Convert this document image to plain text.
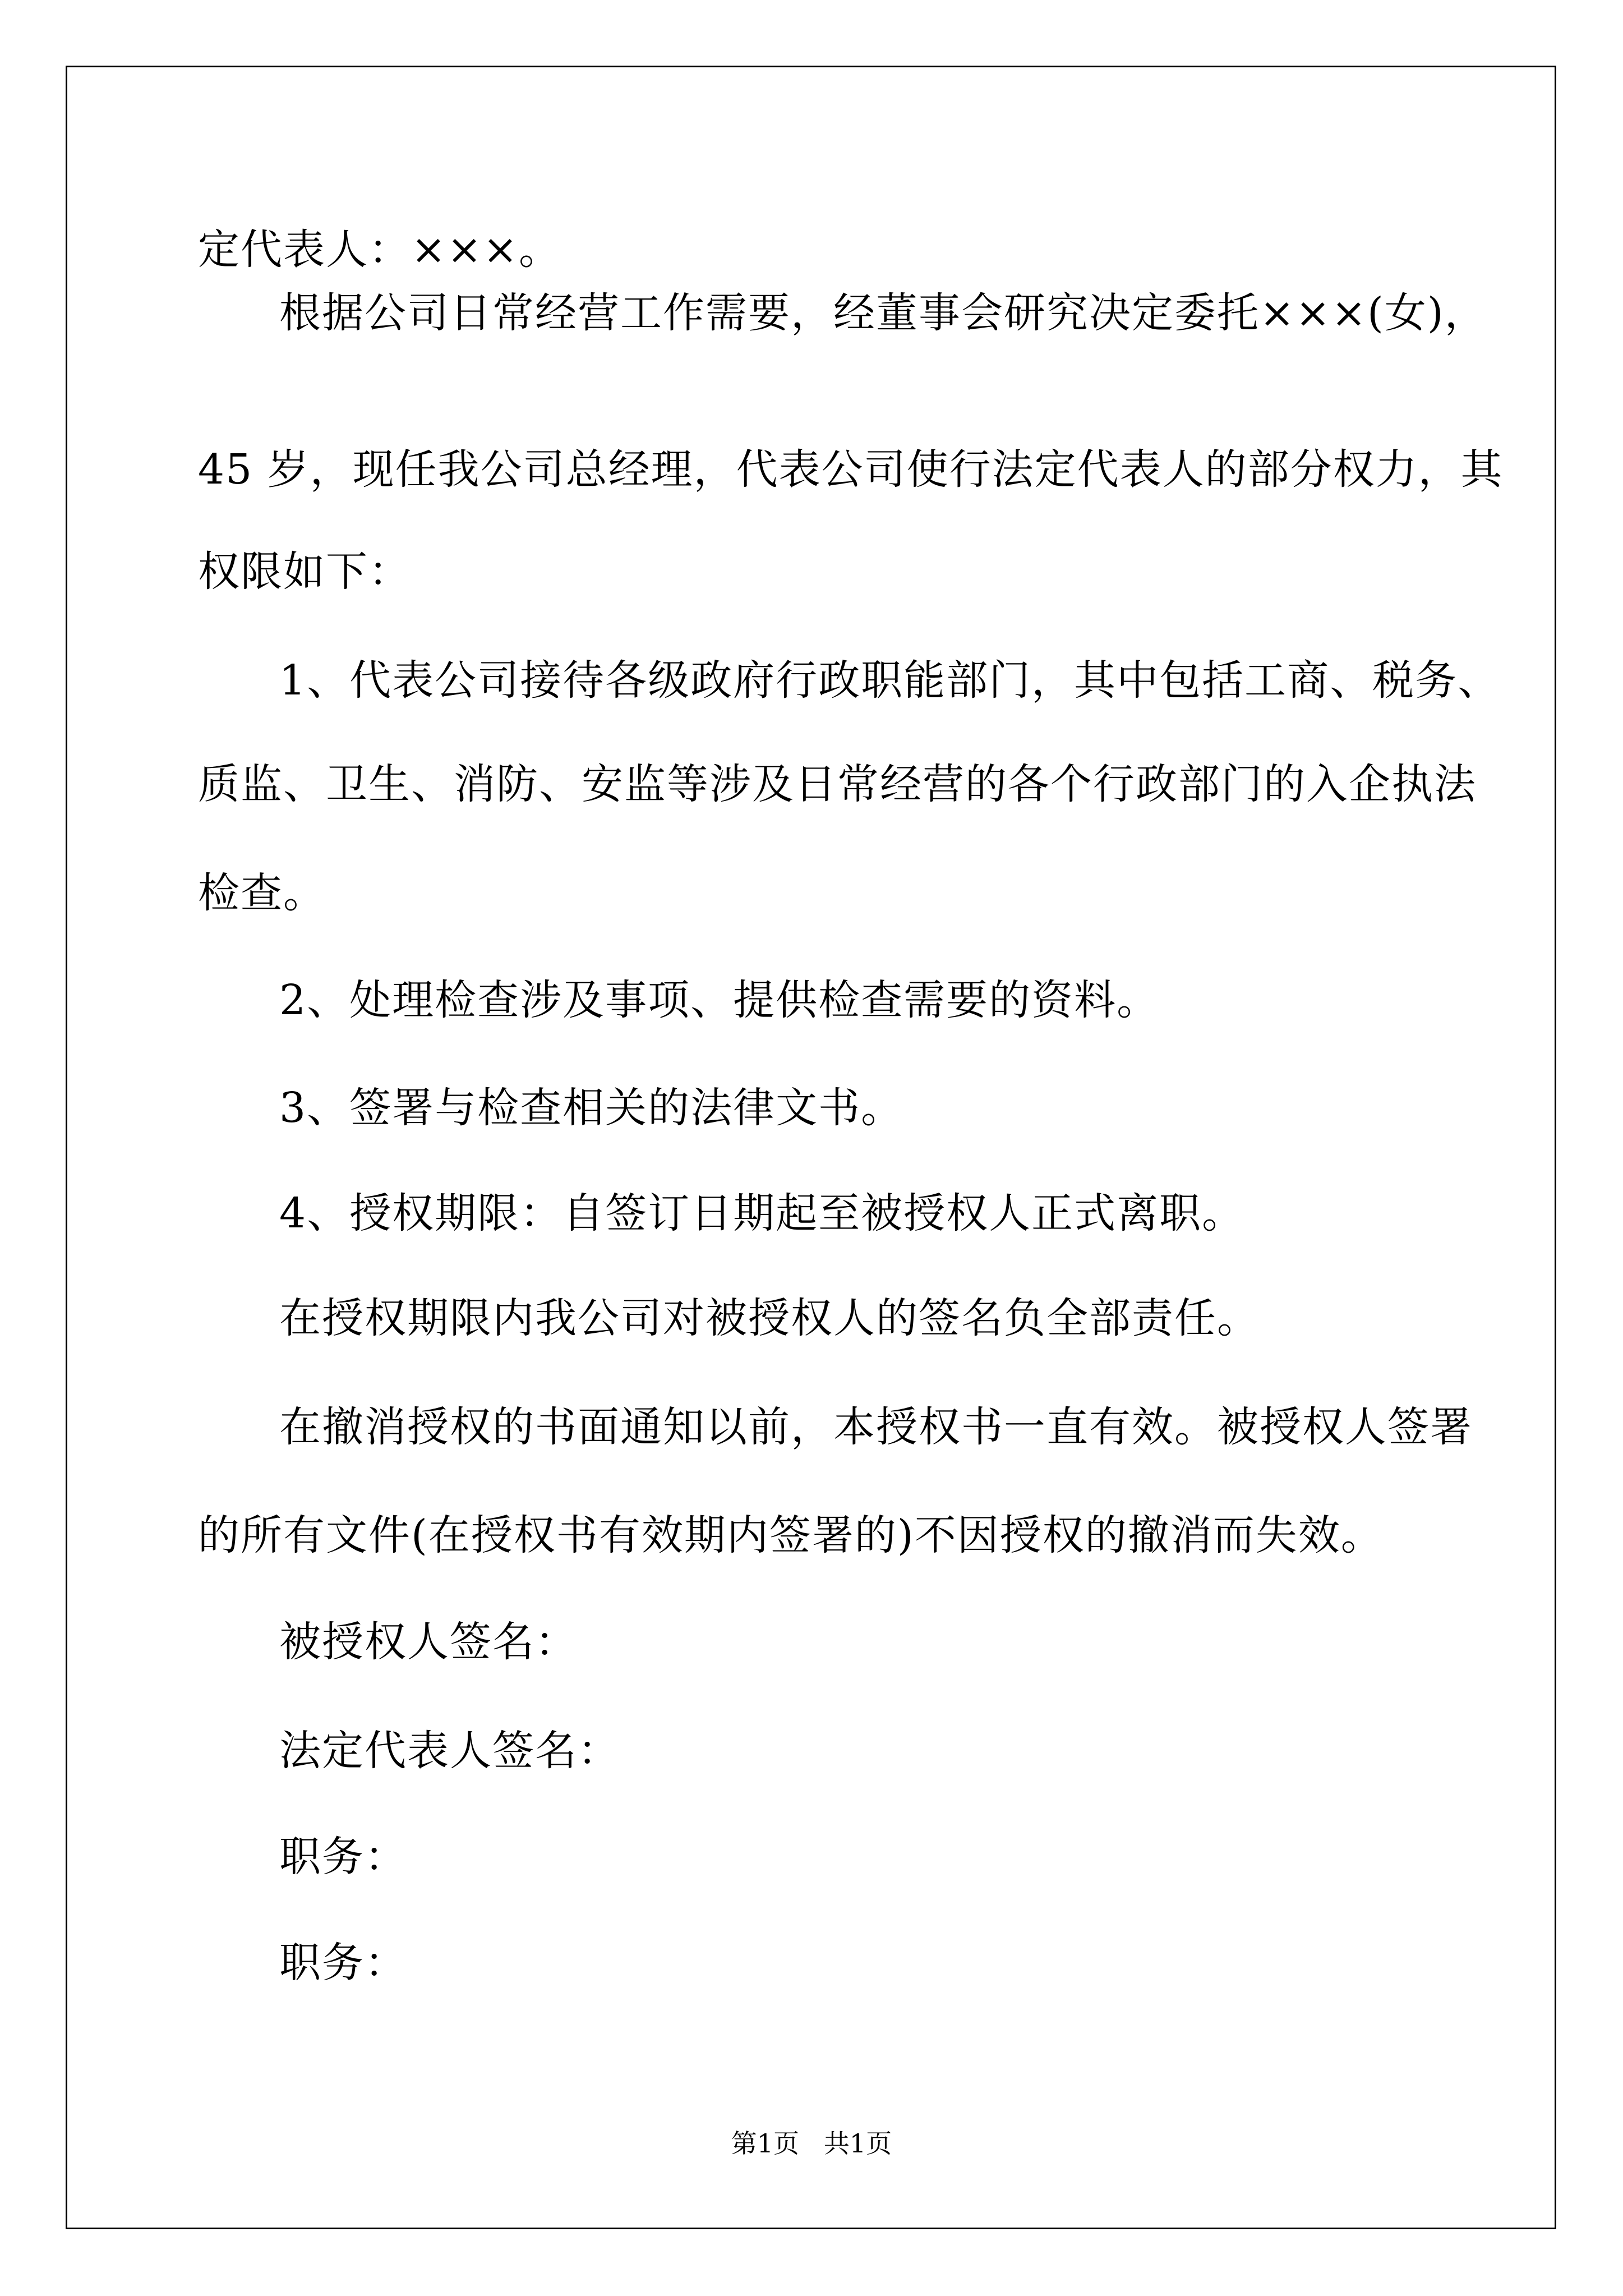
定代表人：×××。
根据公司日常经营工作需要，经董事会研究决定委托×××(女)，
45 岁，现任我公司总经理，代表公司使行法定代表人的部分权力，其
权限如下：
1、代表公司接待各级政府行政职能部门，其中包括工商、税务、
质监、卫生、消防、安监等涉及日常经营的各个行政部门的入企执法
检查。
2、处理检查涉及事项、提供检查需要的资料。
3、签署与检查相关的法律文书。
4、授权期限：自签订日期起至被授权人正式离职。
在授权期限内我公司对被授权人的签名负全部责任。
在撤消授权的书面通知以前，本授权书一直有效。被授权人签署
的所有文件(在授权书有效期内签署的)不因授权的撤消而失效。
被授权人签名：
法定代表人签名：
职务：
职务：
第1页   共1页
